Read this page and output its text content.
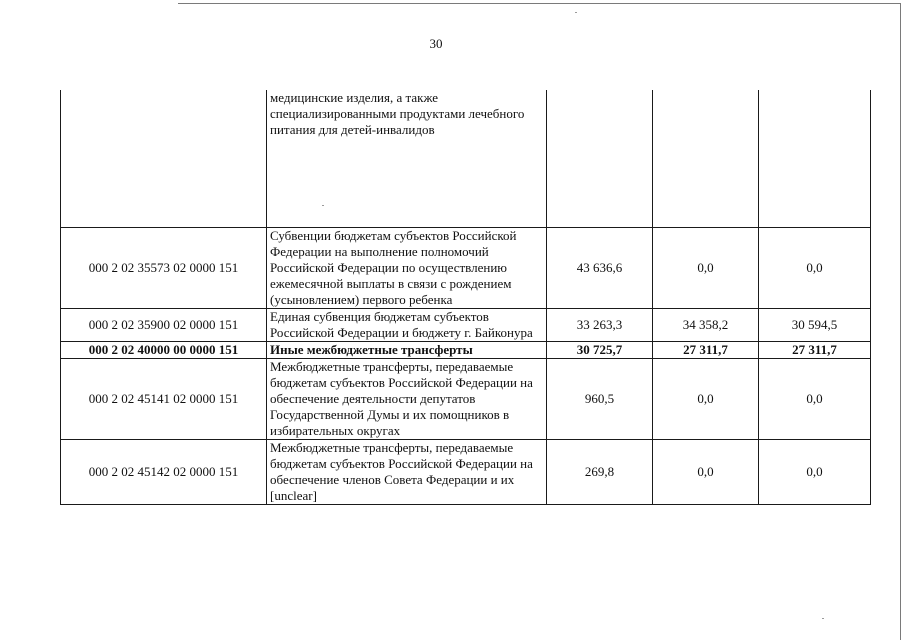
30
	медицинские изделия, а также специализированными продуктами лечебного питания для детей-инвалидов			
000 2 02 35573 02 0000 151	Субвенции бюджетам субъектов Российской Федерации на выполнение полномочий Российской Федерации по осуществлению ежемесячной выплаты в связи с рождением (усыновлением) первого ребенка	43 636,6	0,0	0,0
000 2 02 35900 02 0000 151	Единая субвенция бюджетам субъектов Российской Федерации и бюджету г. Байконура	33 263,3	34 358,2	30 594,5
000 2 02 40000 00 0000 151	Иные межбюджетные трансферты	30 725,7	27 311,7	27 311,7
000 2 02 45141 02 0000 151	Межбюджетные трансферты, передаваемые бюджетам субъектов Российской Федерации на обеспечение деятельности депутатов Государственной Думы и их помощников в избирательных округах	960,5	0,0	0,0
000 2 02 45142 02 0000 151	Межбюджетные трансферты, передаваемые бюджетам субъектов Российской Федерации на обеспечение членов Совета Федерации и их [unclear]	269,8	0,0	0,0
